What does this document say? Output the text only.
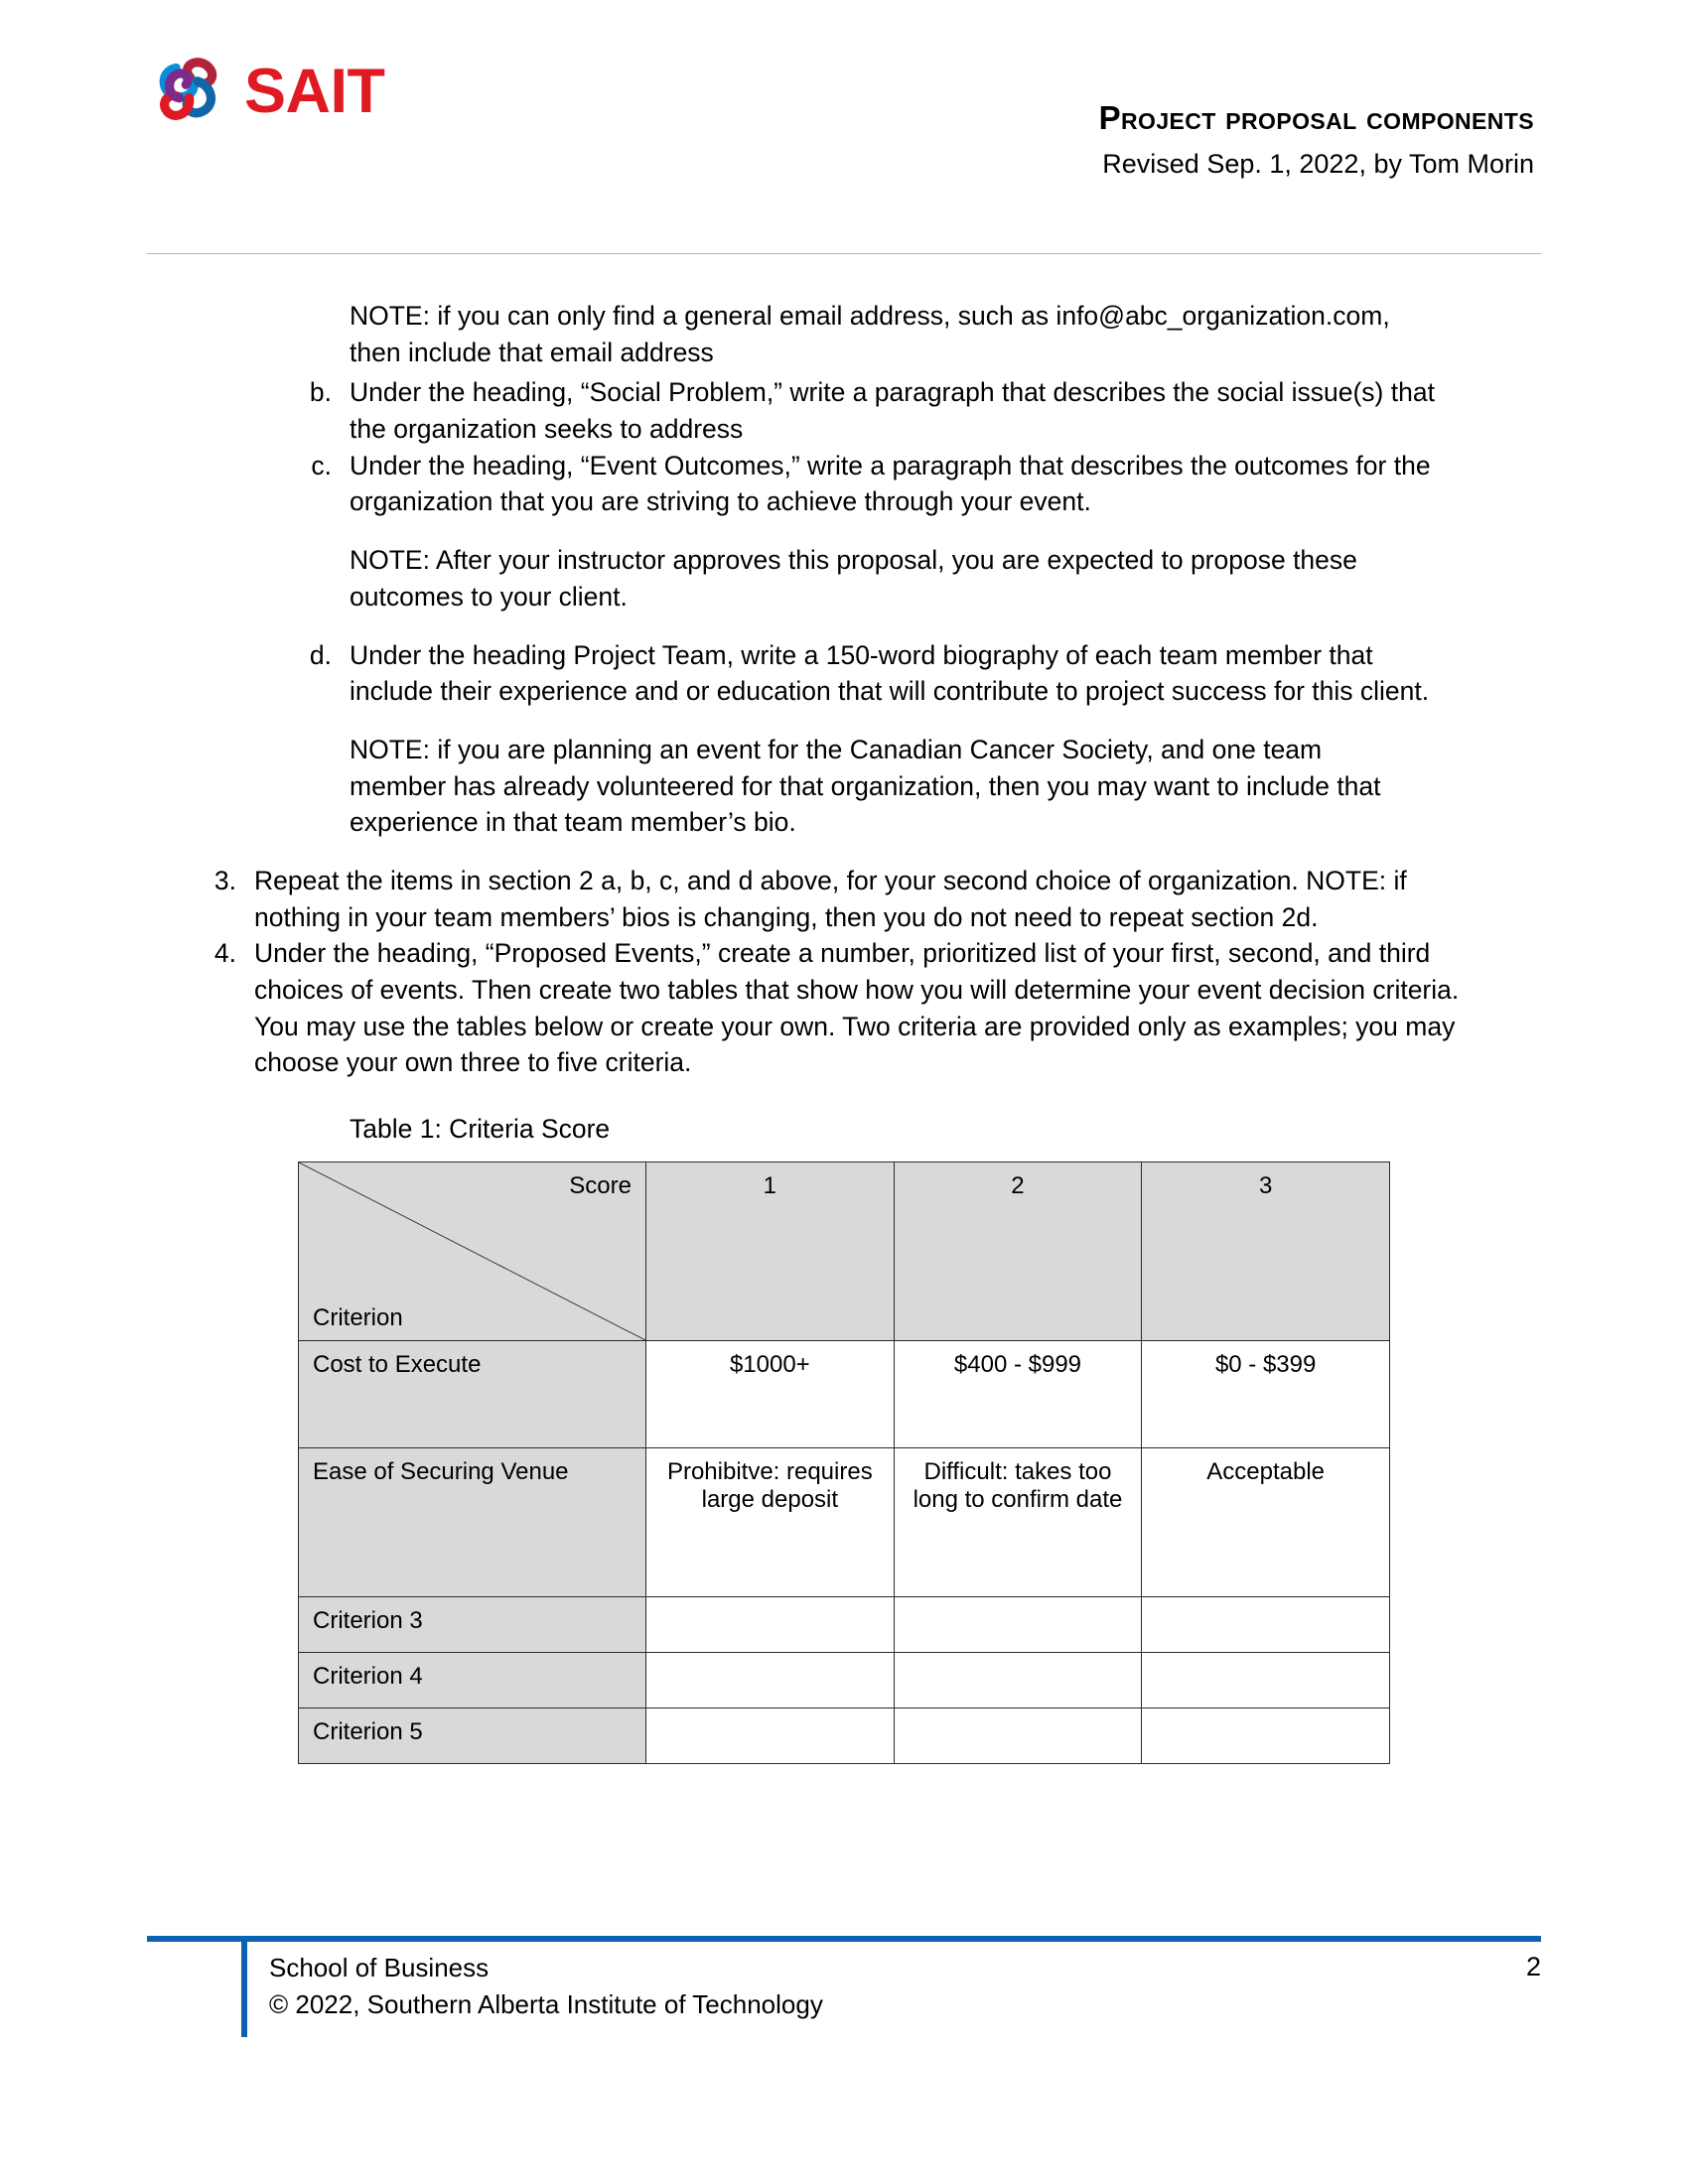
SAIT	project proposal components
Revised Sep. 1, 2022, by Tom Morin
NOTE: if you can only find a general email address, such as info@abc_organization.com, then include that email address
b. Under the heading, “Social Problem,” write a paragraph that describes the social issue(s) that the organization seeks to address
c. Under the heading, “Event Outcomes,” write a paragraph that describes the outcomes for the organization that you are striving to achieve through your event.
NOTE: After your instructor approves this proposal, you are expected to propose these outcomes to your client.
d. Under the heading Project Team, write a 150-word biography of each team member that include their experience and or education that will contribute to project success for this client.
NOTE: if you are planning an event for the Canadian Cancer Society, and one team member has already volunteered for that organization, then you may want to include that experience in that team member’s bio.
3. Repeat the items in section 2 a, b, c, and d above, for your second choice of organization. NOTE: if nothing in your team members’ bios is changing, then you do not need to repeat section 2d.
4. Under the heading, “Proposed Events,” create a number, prioritized list of your first, second, and third choices of events. Then create two tables that show how you will determine your event decision criteria. You may use the tables below or create your own. Two criteria are provided only as examples; you may choose your own three to five criteria.
Table 1: Criteria Score
Score
Criterion	1	2	3
Cost to Execute	$1000+	$400 - $999	$0 - $399
Ease of Securing Venue	Prohibitve: requires large deposit	Difficult: takes too long to confirm date	Acceptable
Criterion 3			
Criterion 4			
Criterion 5			
School of Business
© 2022, Southern Alberta Institute of Technology
2
